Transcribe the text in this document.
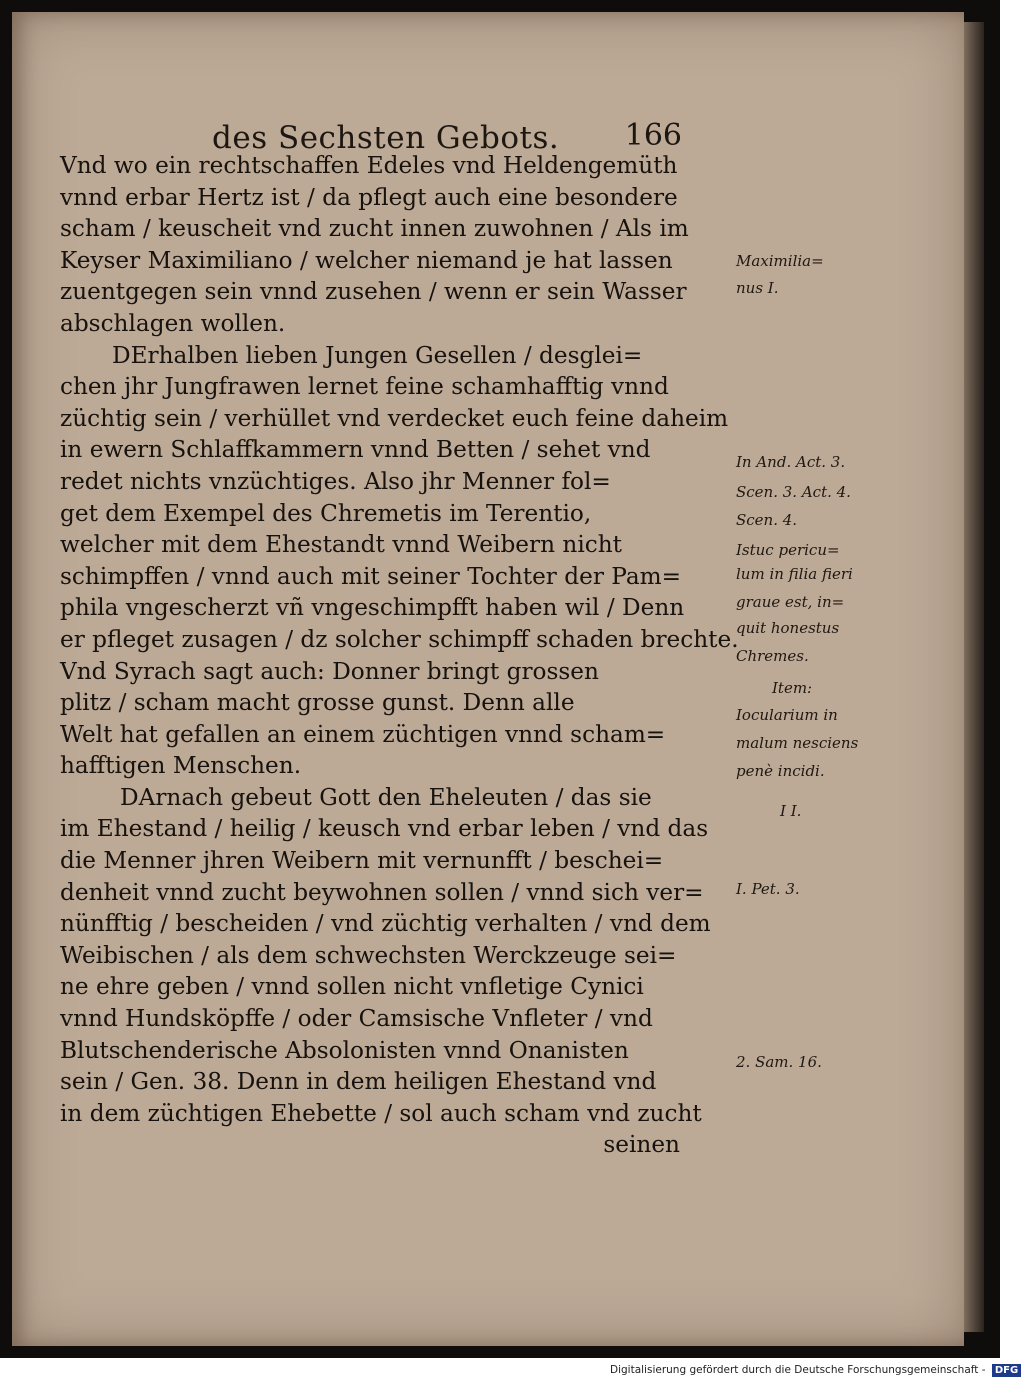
des Sechsten Gebots. 166
Vnd wo ein rechtschaffen Edeles vnd Heldengemüth
vnnd erbar Hertz ist / da pflegt auch eine besondere
scham / keuscheit vnd zucht innen zuwohnen / Als im
Keyser Maximiliano / welcher niemand je hat lassen
zuentgegen sein vnnd zusehen / wenn er sein Wasser
abschlagen wollen.
DErhalben lieben Jungen Gesellen / desglei=
chen jhr Jungfrawen lernet feine schamhafftig vnnd
züchtig sein / verhüllet vnd verdecket euch feine daheim
in ewern Schlaffkammern vnnd Betten / sehet vnd
redet nichts vnzüchtiges. Also jhr Menner fol=
get dem Exempel des Chremetis im Terentio,
welcher mit dem Ehestandt vnnd Weibern nicht
schimpffen / vnnd auch mit seiner Tochter der Pam=
phila vngescherzt vñ vngeschimpfft haben wil / Denn
er pfleget zusagen / dz solcher schimpff schaden brechte.
Vnd Syrach sagt auch: Donner bringt grossen
plitz / scham macht grosse gunst. Denn alle
Welt hat gefallen an einem züchtigen vnnd scham=
hafftigen Menschen.
DArnach gebeut Gott den Eheleuten / das sie
im Ehestand / heilig / keusch vnd erbar leben / vnd das
die Menner jhren Weibern mit vernunfft / beschei=
denheit vnnd zucht beywohnen sollen / vnnd sich ver=
nünfftig / bescheiden / vnd züchtig verhalten / vnd dem
Weibischen / als dem schwechsten Werckzeuge sei=
ne ehre geben / vnnd sollen nicht vnfletige Cynici
vnnd Hundsköpffe / oder Camsische Vnfleter / vnd
Blutschenderische Absolonisten vnnd Onanisten
sein / Gen. 38. Denn in dem heiligen Ehestand vnd
in dem züchtigen Ehebette / sol auch scham vnd zucht
seinen
Maximilia=
nus I.
In And. Act. 3.
Scen. 3. Act. 4.
Scen. 4.
Istuc pericu=
lum in filia fieri
graue est, in=
quit honestus
Chremes.
Item:
Iocularium in
malum nesciens
penè incidi.
I I.
I. Pet. 3.
2. Sam. 16.
Digitalisierung gefördert durch die Deutsche Forschungsgemeinschaft - DFG
